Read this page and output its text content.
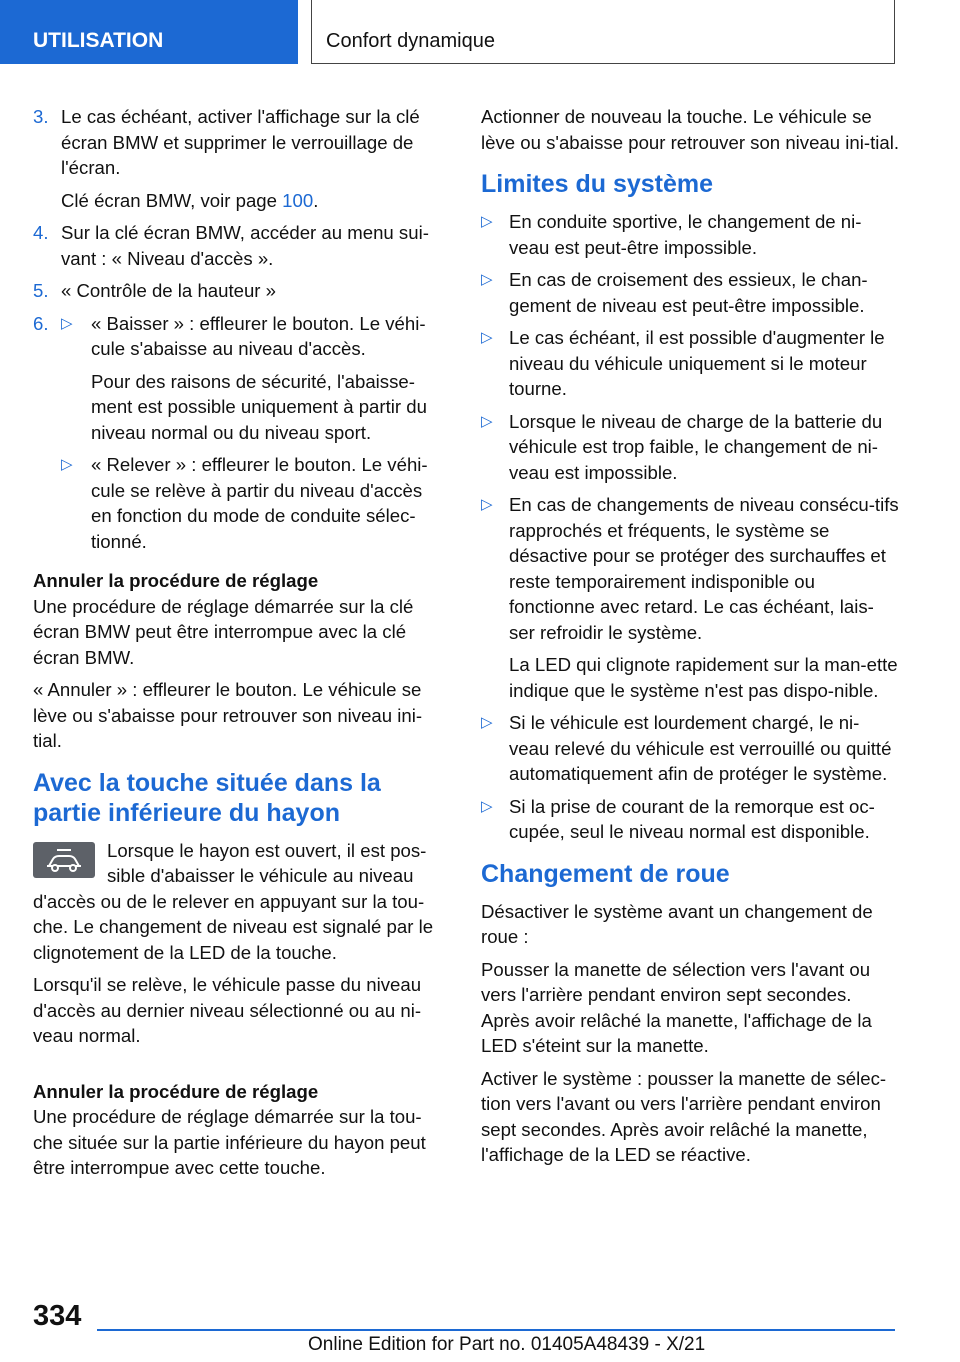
UTILISATION	Confort dynamique
3. Le cas échéant, activer l'affichage sur la clé écran BMW et supprimer le verrouillage de l'écran.

Clé écran BMW, voir page 100.

4. Sur la clé écran BMW, accéder au menu sui‐vant : « Niveau d'accès ».

5. « Contrôle de la hauteur »

6. ▷ « Baisser » : effleurer le bouton. Le véhi‐cule s'abaisse au niveau d'accès.

Pour des raisons de sécurité, l'abaisse‐ment est possible uniquement à partir du niveau normal ou du niveau sport.

▷ « Relever » : effleurer le bouton. Le véhi‐cule se relève à partir du niveau d'accès en fonction du mode de conduite sélec‐tionné.

Annuler la procédure de réglage

Une procédure de réglage démarrée sur la clé écran BMW peut être interrompue avec la clé écran BMW.

« Annuler » : effleurer le bouton. Le véhicule se lève ou s'abaisse pour retrouver son niveau ini‐tial.

Avec la touche située dans la partie inférieure du hayon

Lorsque le hayon est ouvert, il est pos‐sible d'abaisser le véhicule au niveau d'accès ou de le relever en appuyant sur la tou‐che. Le changement de niveau est signalé par le clignotement de la LED de la touche.

Lorsqu'il se relève, le véhicule passe du niveau d'accès au dernier niveau sélectionné ou au ni‐veau normal.

Annuler la procédure de réglage

Une procédure de réglage démarrée sur la tou‐che située sur la partie inférieure du hayon peut être interrompue avec cette touche.

Actionner de nouveau la touche. Le véhicule se lève ou s'abaisse pour retrouver son niveau ini‐tial.

Limites du système
▷ En conduite sportive, le changement de ni‐veau est peut-être impossible.

▷ En cas de croisement des essieux, le chan‐gement de niveau est peut-être impossible.

▷ Le cas échéant, il est possible d'augmenter le niveau du véhicule uniquement si le moteur tourne.

▷ Lorsque le niveau de charge de la batterie du véhicule est trop faible, le changement de ni‐veau est impossible.

▷ En cas de changements de niveau consécu‐tifs rapprochés et fréquents, le système se désactive pour se protéger des surchauffes et reste temporairement indisponible ou fonctionne avec retard. Le cas échéant, lais‐ser refroidir le système.

La LED qui clignote rapidement sur la man‐ette indique que le système n'est pas dispo‐nible.

▷ Si le véhicule est lourdement chargé, le ni‐veau relevé du véhicule est verrouillé ou quitté automatiquement afin de protéger le système.

▷ Si la prise de courant de la remorque est oc‐cupée, seul le niveau normal est disponible.

Changement de roue

Désactiver le système avant un changement de roue :

Pousser la manette de sélection vers l'avant ou vers l'arrière pendant environ sept secondes. Après avoir relâché la manette, l'affichage de la LED s'éteint sur la manette.

Activer le système : pousser la manette de sélec‐tion vers l'avant ou vers l'arrière pendant environ sept secondes. Après avoir relâché la manette, l'affichage de la LED se réactive.

334
Online Edition for Part no. 01405A48439 - X/21
